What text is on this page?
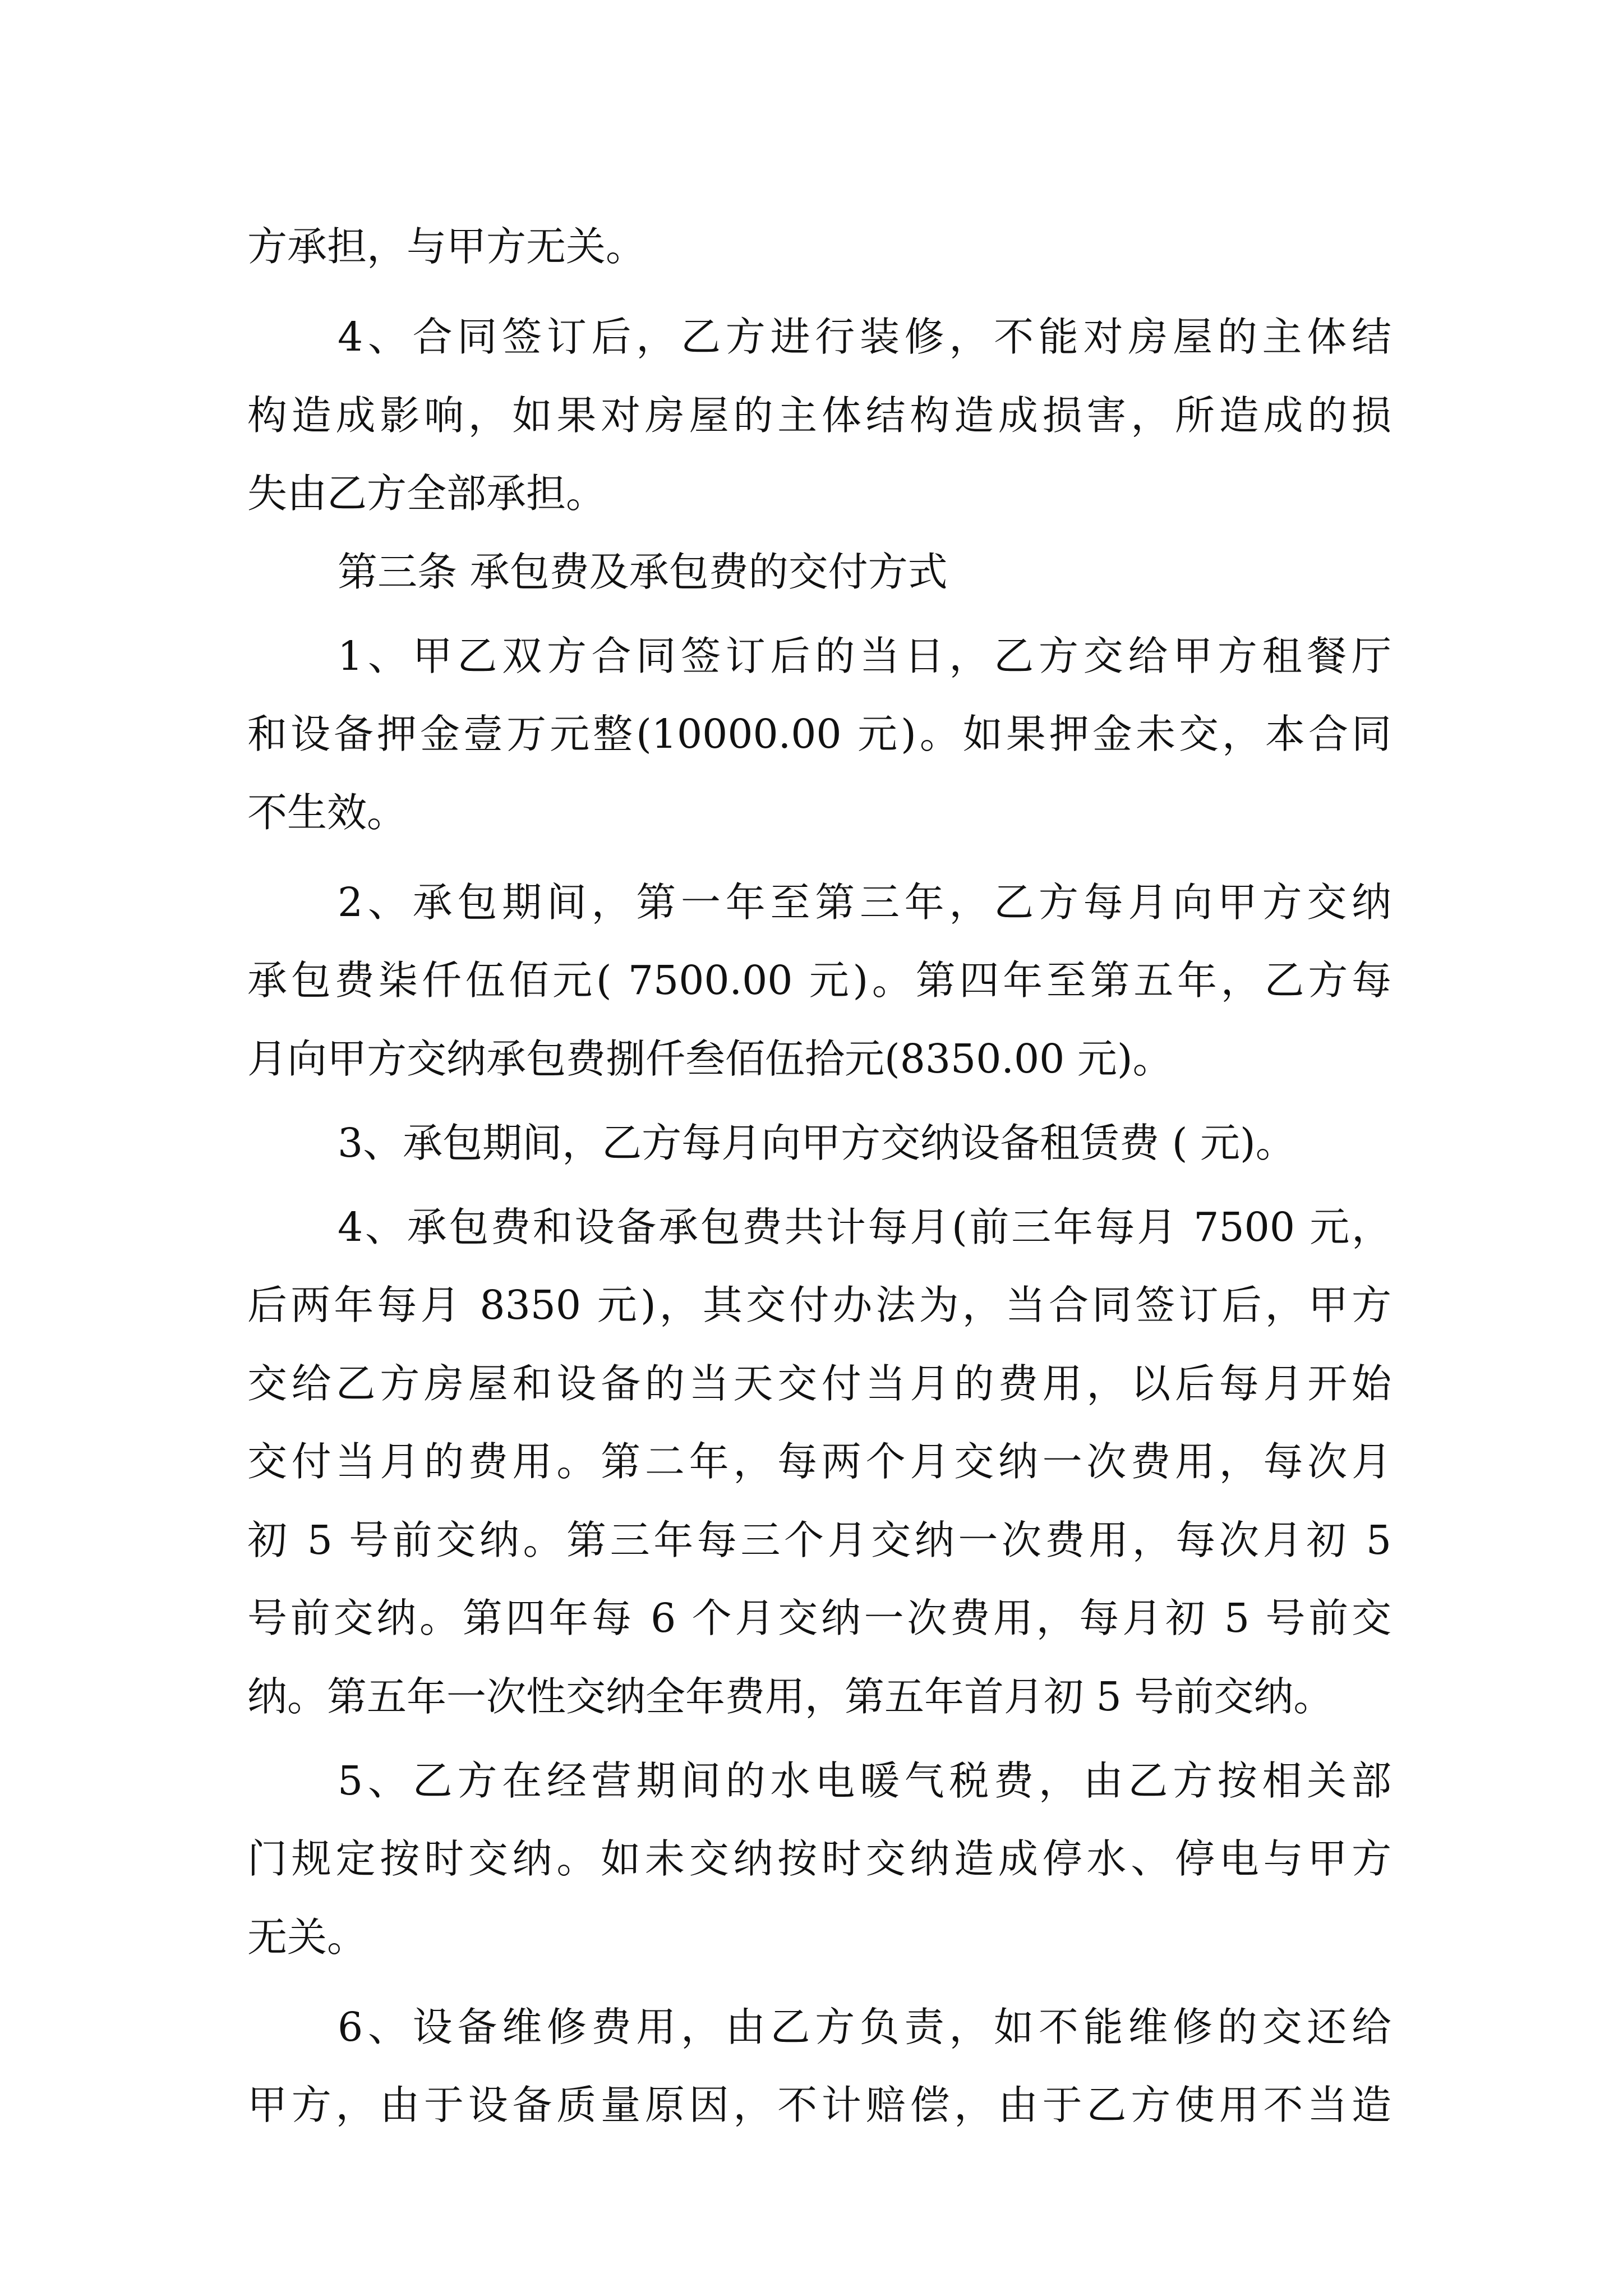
方承担，与甲方无关。
4、合同签订后，乙方进行装修，不能对房屋的主体结
构造成影响，如果对房屋的主体结构造成损害，所造成的损
失由乙方全部承担。
第三条 承包费及承包费的交付方式
1、甲乙双方合同签订后的当日，乙方交给甲方租餐厅
和设备押金壹万元整(10000.00 元)。如果押金未交，本合同
不生效。
2、承包期间，第一年至第三年，乙方每月向甲方交纳
承包费柒仟伍佰元( 7500.00 元)。第四年至第五年，乙方每
月向甲方交纳承包费捌仟叁佰伍拾元(8350.00 元)。
3、承包期间，乙方每月向甲方交纳设备租赁费 ( 元)。
4、承包费和设备承包费共计每月(前三年每月 7500 元，
后两年每月 8350 元)，其交付办法为，当合同签订后，甲方
交给乙方房屋和设备的当天交付当月的费用，以后每月开始
交付当月的费用。第二年，每两个月交纳一次费用，每次月
初 5 号前交纳。第三年每三个月交纳一次费用，每次月初 5
号前交纳。第四年每 6 个月交纳一次费用，每月初 5 号前交
纳。第五年一次性交纳全年费用，第五年首月初 5 号前交纳。
5、乙方在经营期间的水电暖气税费，由乙方按相关部
门规定按时交纳。如未交纳按时交纳造成停水、停电与甲方
无关。
6、设备维修费用，由乙方负责，如不能维修的交还给
甲方，由于设备质量原因，不计赔偿，由于乙方使用不当造
